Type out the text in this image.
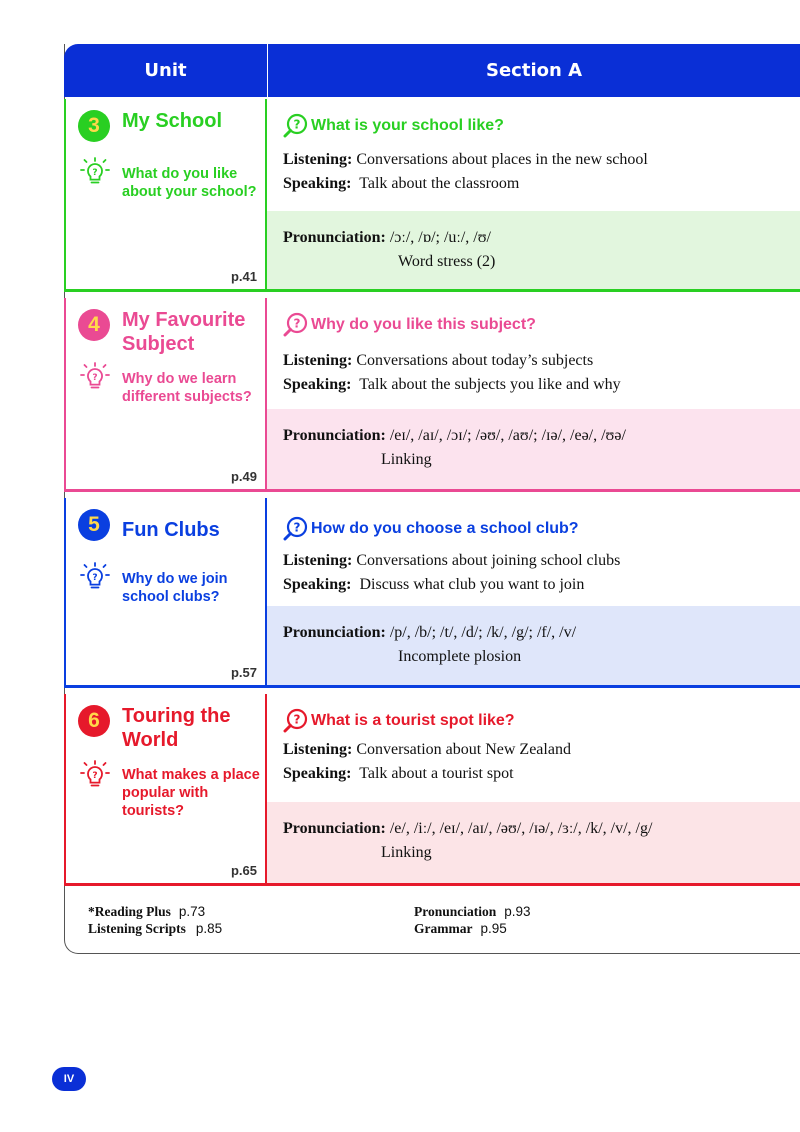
Unit	Section A
3	My School
? What do you like about your school?
p.41
? What is your school like?
Listening: Conversations about places in the new school
Speaking: Talk about the classroom
Pronunciation: /ɔː/, /ɒ/; /uː/, /ʊ/
Word stress (2)
4	My Favourite Subject
? Why do we learn different subjects?
p.49
? Why do you like this subject?
Listening: Conversations about today’s subjects
Speaking: Talk about the subjects you like and why
Pronunciation: /eɪ/, /aɪ/, /ɔɪ/; /əʊ/, /aʊ/; /ɪə/, /eə/, /ʊə/
Linking
5	Fun Clubs
? Why do we join school clubs?
p.57
? How do you choose a school club?
Listening: Conversations about joining school clubs
Speaking: Discuss what club you want to join
Pronunciation: /p/, /b/; /t/, /d/; /k/, /g/; /f/, /v/
Incomplete plosion
6	Touring the World
? What makes a place popular with tourists?
p.65
? What is a tourist spot like?
Listening: Conversation about New Zealand
Speaking: Talk about a tourist spot
Pronunciation: /e/, /iː/, /eɪ/, /aɪ/, /əʊ/, /ɪə/, /ɜː/, /k/, /v/, /g/
Linking
*Reading Plus p.73
Listening Scripts p.85
Pronunciation p.93
Grammar p.95
IV
